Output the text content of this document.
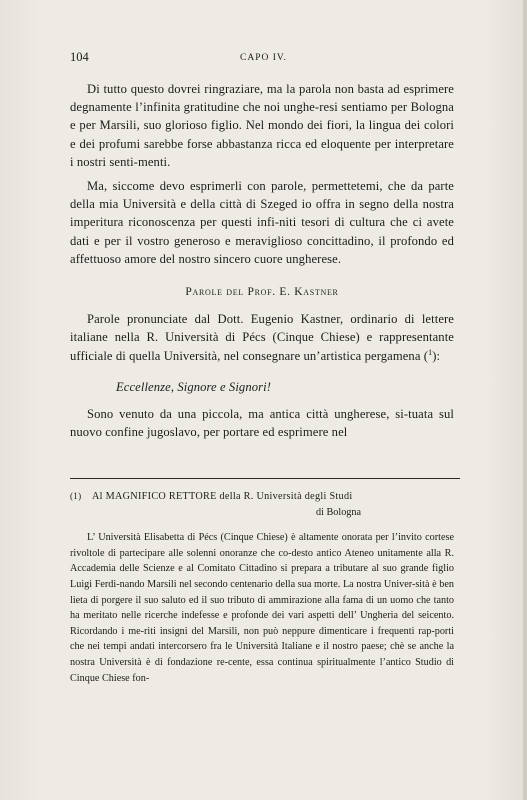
104	CAPO IV.

Di tutto questo dovrei ringraziare, ma la parola non basta ad esprimere degnamente l’infinita gratitudine che noi unghe-resi sentiamo per Bologna e per Marsili, suo glorioso figlio. Nel mondo dei fiori, la lingua dei colori e dei profumi sarebbe forse abbastanza ricca ed eloquente per interpretare i nostri senti-menti.

Ma, siccome devo esprimerli con parole, permettetemi, che da parte della mia Università e della città di Szeged io offra in segno della nostra imperitura riconoscenza per questi infi-niti tesori di cultura che ci avete dati e per il vostro generoso e meraviglioso concittadino, il profondo ed affettuoso amore del nostro sincero cuore ungherese.

Parole del Prof. E. Kastner

Parole pronunciate dal Dott. Eugenio Kastner, ordinario di lettere italiane nella R. Università di Pécs (Cinque Chiese) e rappresentante ufficiale di quella Università, nel consegnare un’artistica pergamena ($^1$):

Eccellenze, Signore e Signori!

Sono venuto da una piccola, ma antica città ungherese, si-tuata sul nuovo confine jugoslavo, per portare ed esprimere nel

(1) Al MAGNIFICO RETTORE della R. Università degli Studi
di Bologna
L’ Università Elisabetta di Pécs (Cinque Chiese) è altamente onorata per l’invito cortese rivoltole di partecipare alle solenni onoranze che co-desto antico Ateneo unitamente alla R. Accademia delle Scienze e al Comitato Cittadino si prepara a tributare al suo grande figlio Luigi Ferdi-nando Marsili nel secondo centenario della sua morte. La nostra Univer-sità è ben lieta di porgere il suo saluto ed il suo tributo di ammirazione alla fama di un uomo che tanto ha meritato nelle ricerche indefesse e profonde dei vari aspetti dell’ Ungheria del seicento. Ricordando i me-riti insigni del Marsili, non può neppure dimenticare i frequenti rap-porti che nei tempi andati intercorsero fra le Università Italiane e il nostro paese; chè se anche la nostra Università è di fondazione re-cente, essa continua spiritualmente l’antico Studio di Cinque Chiese fon-
